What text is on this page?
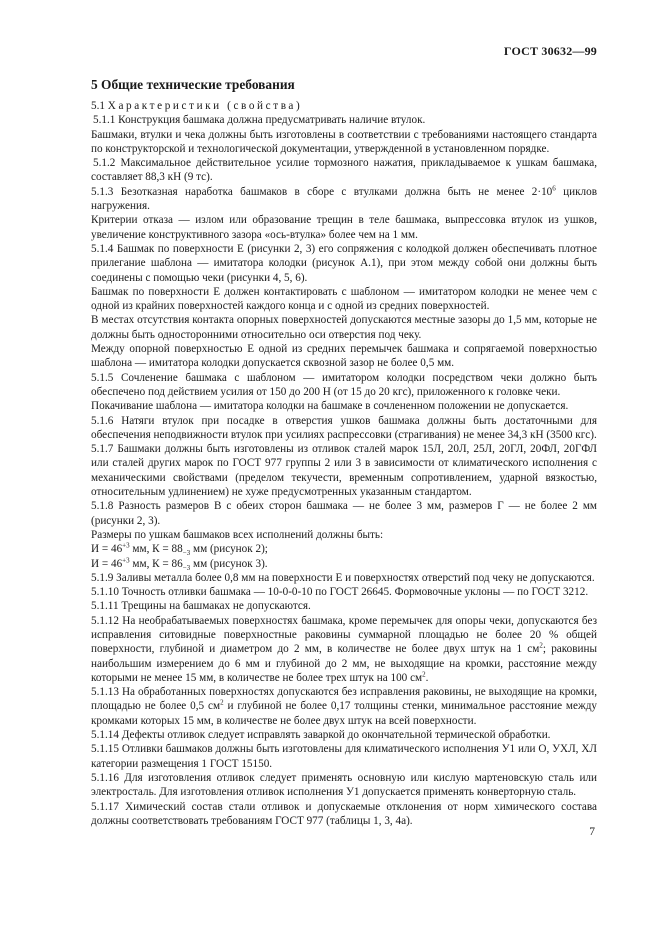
ГОСТ 30632—99
5 Общие технические требования

5.1 Характеристики (свойства)

5.1.1 Конструкция башмака должна предусматривать наличие втулок.

Башмаки, втулки и чека должны быть изготовлены в соответствии с требованиями настоящего стандарта по конструкторской и технологической документации, утвержденной в установленном порядке.

5.1.2 Максимальное действительное усилие тормозного нажатия, прикладываемое к ушкам башмака, составляет 88,3 кН (9 тс).

5.1.3 Безотказная наработка башмаков в сборе с втулками должна быть не менее $2\cdot 10^6$ циклов нагружения.

Критерии отказа — излом или образование трещин в теле башмака, выпрессовка втулок из ушков, увеличение конструктивного зазора «ось-втулка» более чем на 1 мм.

5.1.4 Башмак по поверхности Е (рисунки 2, 3) его сопряжения с колодкой должен обеспечивать плотное прилегание шаблона — имитатора колодки (рисунок А.1), при этом между собой они должны быть соединены с помощью чеки (рисунки 4, 5, 6).

Башмак по поверхности Е должен контактировать с шаблоном — имитатором колодки не менее чем с одной из крайних поверхностей каждого конца и с одной из средних поверхностей.

В местах отсутствия контакта опорных поверхностей допускаются местные зазоры до 1,5 мм, которые не должны быть односторонними относительно оси отверстия под чеку.

Между опорной поверхностью Е одной из средних перемычек башмака и сопрягаемой поверхностью шаблона — имитатора колодки допускается сквозной зазор не более 0,5 мм.

5.1.5 Сочленение башмака с шаблоном — имитатором колодки посредством чеки должно быть обеспечено под действием усилия от 150 до 200 Н (от 15 до 20 кгс), приложенного к головке чеки.

Покачивание шаблона — имитатора колодки на башмаке в сочлененном положении не допускается.

5.1.6 Натяги втулок при посадке в отверстия ушков башмака должны быть достаточными для обеспечения неподвижности втулок при усилиях распрессовки (страгивания) не менее 34,3 кН (3500 кгс).

5.1.7 Башмаки должны быть изготовлены из отливок сталей марок 15Л, 20Л, 25Л, 20ГЛ, 20ФЛ, 20ГФЛ или сталей других марок по ГОСТ 977 группы 2 или 3 в зависимости от климатического исполнения с механическими свойствами (пределом текучести, временным сопротивлением, ударной вязкостью, относительным удлинением) не хуже предусмотренных указанным стандартом.

5.1.8 Разность размеров В с обеих сторон башмака — не более 3 мм, размеров Г — не более 2 мм (рисунки 2, 3).

Размеры по ушкам башмаков всех исполнений должны быть:

$И = 46^{+3}$ мм, $К = 88_{-3}$ мм (рисунок 2);

$И = 46^{+3}$ мм, $К = 86_{-3}$ мм (рисунок 3).

5.1.9 Заливы металла более 0,8 мм на поверхности Е и поверхностях отверстий под чеку не допускаются.

5.1.10 Точность отливки башмака — 10-0-0-10 по ГОСТ 26645. Формовочные уклоны — по ГОСТ 3212.

5.1.11 Трещины на башмаках не допускаются.

5.1.12 На необрабатываемых поверхностях башмака, кроме перемычек для опоры чеки, допускаются без исправления ситовидные поверхностные раковины суммарной площадью не более 20 % общей поверхности, глубиной и диаметром до 2 мм, в количестве не более двух штук на 1 $см^2$; раковины наибольшим измерением до 6 мм и глубиной до 2 мм, не выходящие на кромки, расстояние между которыми не менее 15 мм, в количестве не более трех штук на 100 $см^2$.

5.1.13 На обработанных поверхностях допускаются без исправления раковины, не выходящие на кромки, площадью не более 0,5 $см^2$ и глубиной не более 0,17 толщины стенки, минимальное расстояние между кромками которых 15 мм, в количестве не более двух штук на всей поверхности.

5.1.14 Дефекты отливок следует исправлять заваркой до окончательной термической обработки.

5.1.15 Отливки башмаков должны быть изготовлены для климатического исполнения У1 или О, УХЛ, ХЛ категории размещения 1 ГОСТ 15150.

5.1.16 Для изготовления отливок следует применять основную или кислую мартеновскую сталь или электросталь. Для изготовления отливок исполнения У1 допускается применять конверторную сталь.

5.1.17 Химический состав стали отливок и допускаемые отклонения от норм химического состава должны соответствовать требованиям ГОСТ 977 (таблицы 1, 3, 4а).

7
